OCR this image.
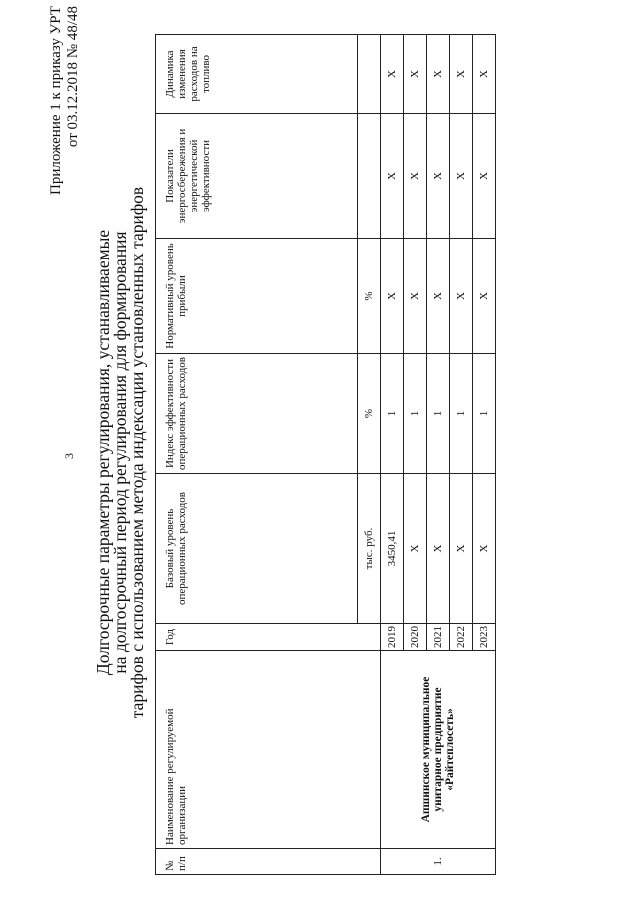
3
Приложение 1 к приказу УРТ от 03.12.2018 № 48/48
Долгосрочные параметры регулирования, устанавливаемые
на долгосрочный период регулирования для формирования
тарифов с использованием метода индексации установленных тарифов
№ п/п	Наименование регулируемой организации	Год	Базовый уровень операционных расходов	Индекс эффективности операционных расходов	Нормативный уровень прибыли	Показатели энергосбережения и энергетической эффективности	Динамика изменения расходов на топливо
			тыс. руб.	%	%		
1.	Апшинское муниципальное унитарное предприятие «Райтеплосеть»	2019	3450,41	1	Х	Х	Х
		2020	Х	1	Х	Х	Х
		2021	Х	1	Х	Х	Х
		2022	Х	1	Х	Х	Х
		2023	Х	1	Х	Х	Х
